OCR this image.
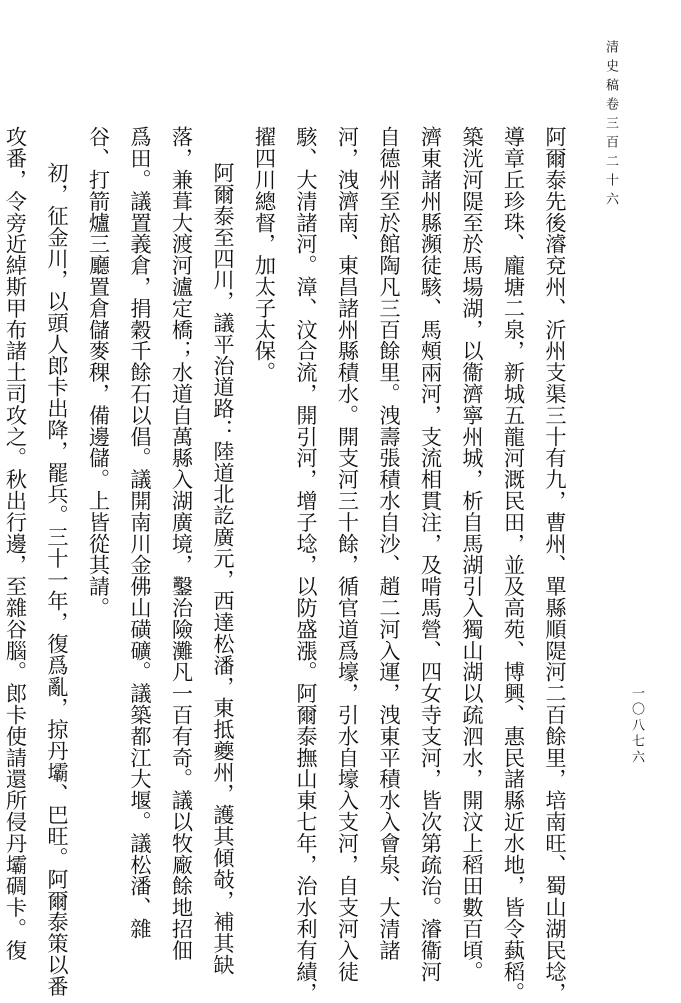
清史稿卷三百二十六
一〇八七六
阿爾泰先後濬兗州、沂州支渠三十有九，曹州、單縣順隄河二百餘里，培南旺、蜀山湖民埝，
導章丘珍珠、龐塘二泉，新城五龍河溉民田，並及高苑、博興、惠民諸縣近水地，皆令蓺稻。
築洸河隄至於馬場湖，以衞濟寧州城，析自馬湖引入獨山湖以疏泗水，開汶上稻田數百頃。
濟東諸州縣瀕徒駭、馬頰兩河，支流相貫注，及啃馬營、四女寺支河，皆次第疏治。濬衞河
自德州至於館陶凡三百餘里。洩壽張積水自沙、趙二河入運，洩東平積水入會泉、大清諸
河，洩濟南、東昌諸州縣積水。開支河三十餘，循官道爲壕，引水自壕入支河，自支河入徒
駭、大清諸河。漳、汶合流，開引河，增子埝，以防盛漲。阿爾泰撫山東七年，治水利有績，
擢四川總督，加太子太保。
阿爾泰至四川，議平治道路：陸道北訖廣元，西達松潘，東抵夔州，護其傾敧，補其缺
落，兼葺大渡河瀘定橋；水道自萬縣入湖廣境，鑿治險灘凡一百有奇。議以牧廠餘地招佃
爲田。議置義倉，捐穀千餘石以倡。議開南川金佛山磺礦。議築都江大堰。議松潘、雜
谷、打箭爐三廳置倉儲麥稞，備邊儲。上皆從其請。
初，征金川，以頭人郎卡出降，罷兵。三十一年，復爲亂，掠丹壩、巴旺。阿爾泰策以番
攻番，令旁近綽斯甲布諸土司攻之。秋出行邊，至雜谷腦。郎卡使請還所侵丹壩碉卡。復
